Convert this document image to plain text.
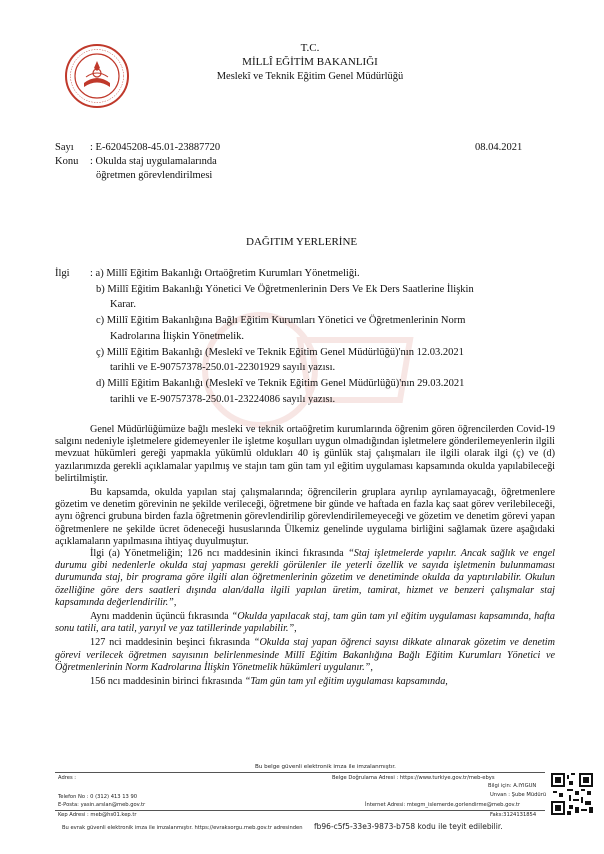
T.C.
MİLLÎ EĞİTİM BAKANLIĞI
Meslekî ve Teknik Eğitim Genel Müdürlüğü
Sayı : E-62045208-45.01-23887720	08.04.2021
Konu : Okulda staj uygulamalarında
öğretmen görevlendirilmesi
DAĞITIM YERLERİNE
İlgi : a) Millî Eğitim Bakanlığı Ortaöğretim Kurumları Yönetmeliği.
b) Millî Eğitim Bakanlığı Yönetici Ve Öğretmenlerinin Ders Ve Ek Ders Saatlerine İlişkin
Karar.
c) Millî Eğitim Bakanlığına Bağlı Eğitim Kurumları Yönetici ve Öğretmenlerinin Norm
Kadrolarına İlişkin Yönetmelik.
ç) Millî Eğitim Bakanlığı (Meslekî ve Teknik Eğitim Genel Müdürlüğü)'nın 12.03.2021
tarihli ve E-90757378-250.01-22301929 sayılı yazısı.
d) Millî Eğitim Bakanlığı (Meslekî ve Teknik Eğitim Genel Müdürlüğü)'nın 29.03.2021
tarihli ve E-90757378-250.01-23224086 sayılı yazısı.

Genel Müdürlüğümüze bağlı mesleki ve teknik ortaöğretim kurumlarında öğrenim gören öğrencilerden Covid-19 salgını nedeniyle işletmelere gidemeyenler ile işletme koşulları uygun olmadığından işletmelere gönderilemeyenlerin ilgili mevzuat hükümleri gereği yapmakla yükümlü oldukları 40 iş günlük staj çalışmaları ile ilgili olarak ilgi (ç) ve (d) yazılarımızda gerekli açıklamalar yapılmış ve stajın tam gün tam yıl eğitim uygulaması kapsamında okulda yapılabileceği belirtilmiştir.

Bu kapsamda, okulda yapılan staj çalışmalarında; öğrencilerin gruplara ayrılıp ayrılamayacağı, öğretmenlere gözetim ve denetim görevinin ne şekilde verileceği, öğretmene bir günde ve haftada en fazla kaç saat görev verilebileceği, aynı öğrenci grubuna birden fazla öğretmenin görevlendirilip görevlendirilemeyeceği ve gözetim ve denetim görevi yapan öğretmenlere ne şekilde ücret ödeneceği hususlarında Ülkemiz genelinde uygulama birliğini sağlamak üzere aşağıdaki açıklamaların yapılmasına ihtiyaç duyulmuştur.

İlgi (a) Yönetmeliğin; 126 ncı maddesinin ikinci fıkrasında “Staj işletmelerde yapılır. Ancak sağlık ve engel durumu gibi nedenlerle okulda staj yapması gerekli görülenler ile yeterli özellik ve sayıda işletmenin bulunmaması durumunda staj, bir programa göre ilgili alan öğretmenlerinin gözetim ve denetiminde okulda da yaptırılabilir. Okulun özelliğine göre ders saatleri dışında alan/dalla ilgili yapılan üretim, tamirat, hizmet ve benzeri çalışmalar staj kapsamında değerlendirilir.”,

Aynı maddenin üçüncü fıkrasında “Okulda yapılacak staj, tam gün tam yıl eğitim uygulaması kapsamında, hafta sonu tatili, ara tatil, yarıyıl ve yaz tatillerinde yapılabilir.”,

127 nci maddesinin beşinci fıkrasında “Okulda staj yapan öğrenci sayısı dikkate alınarak gözetim ve denetim görevi verilecek öğretmen sayısının belirlenmesinde Millî Eğitim Bakanlığına Bağlı Eğitim Kurumları Yönetici ve Öğretmenlerinin Norm Kadrolarına İlişkin Yönetmelik hükümleri uygulanır.”,

156 ncı maddesinin birinci fıkrasında “Tam gün tam yıl eğitim uygulaması kapsamında,

Bu belge güvenli elektronik imza ile imzalanmıştır.
Adres :	Belge Doğrulama Adresi : https://www.turkiye.gov.tr/meb-ebys
Bilgi için: A.IYIGUN
Unvan : Şube Müdürü
Telefon No : 0 (312) 413 13 90
E-Posta: yasin.arslan@meb.gov.tr	İnternet Adresi: mtegm_islemerde.gorlendirme@meb.gov.tr
Kep Adresi : meb@hs01.kep.tr	Faks:3124131854
Bu evrak güvenli elektronik imza ile imzalanmıştır. https://evraksorgu.meb.gov.tr adresinden fb96-c5f5-33e3-9873-b758 kodu ile teyit edilebilir.
